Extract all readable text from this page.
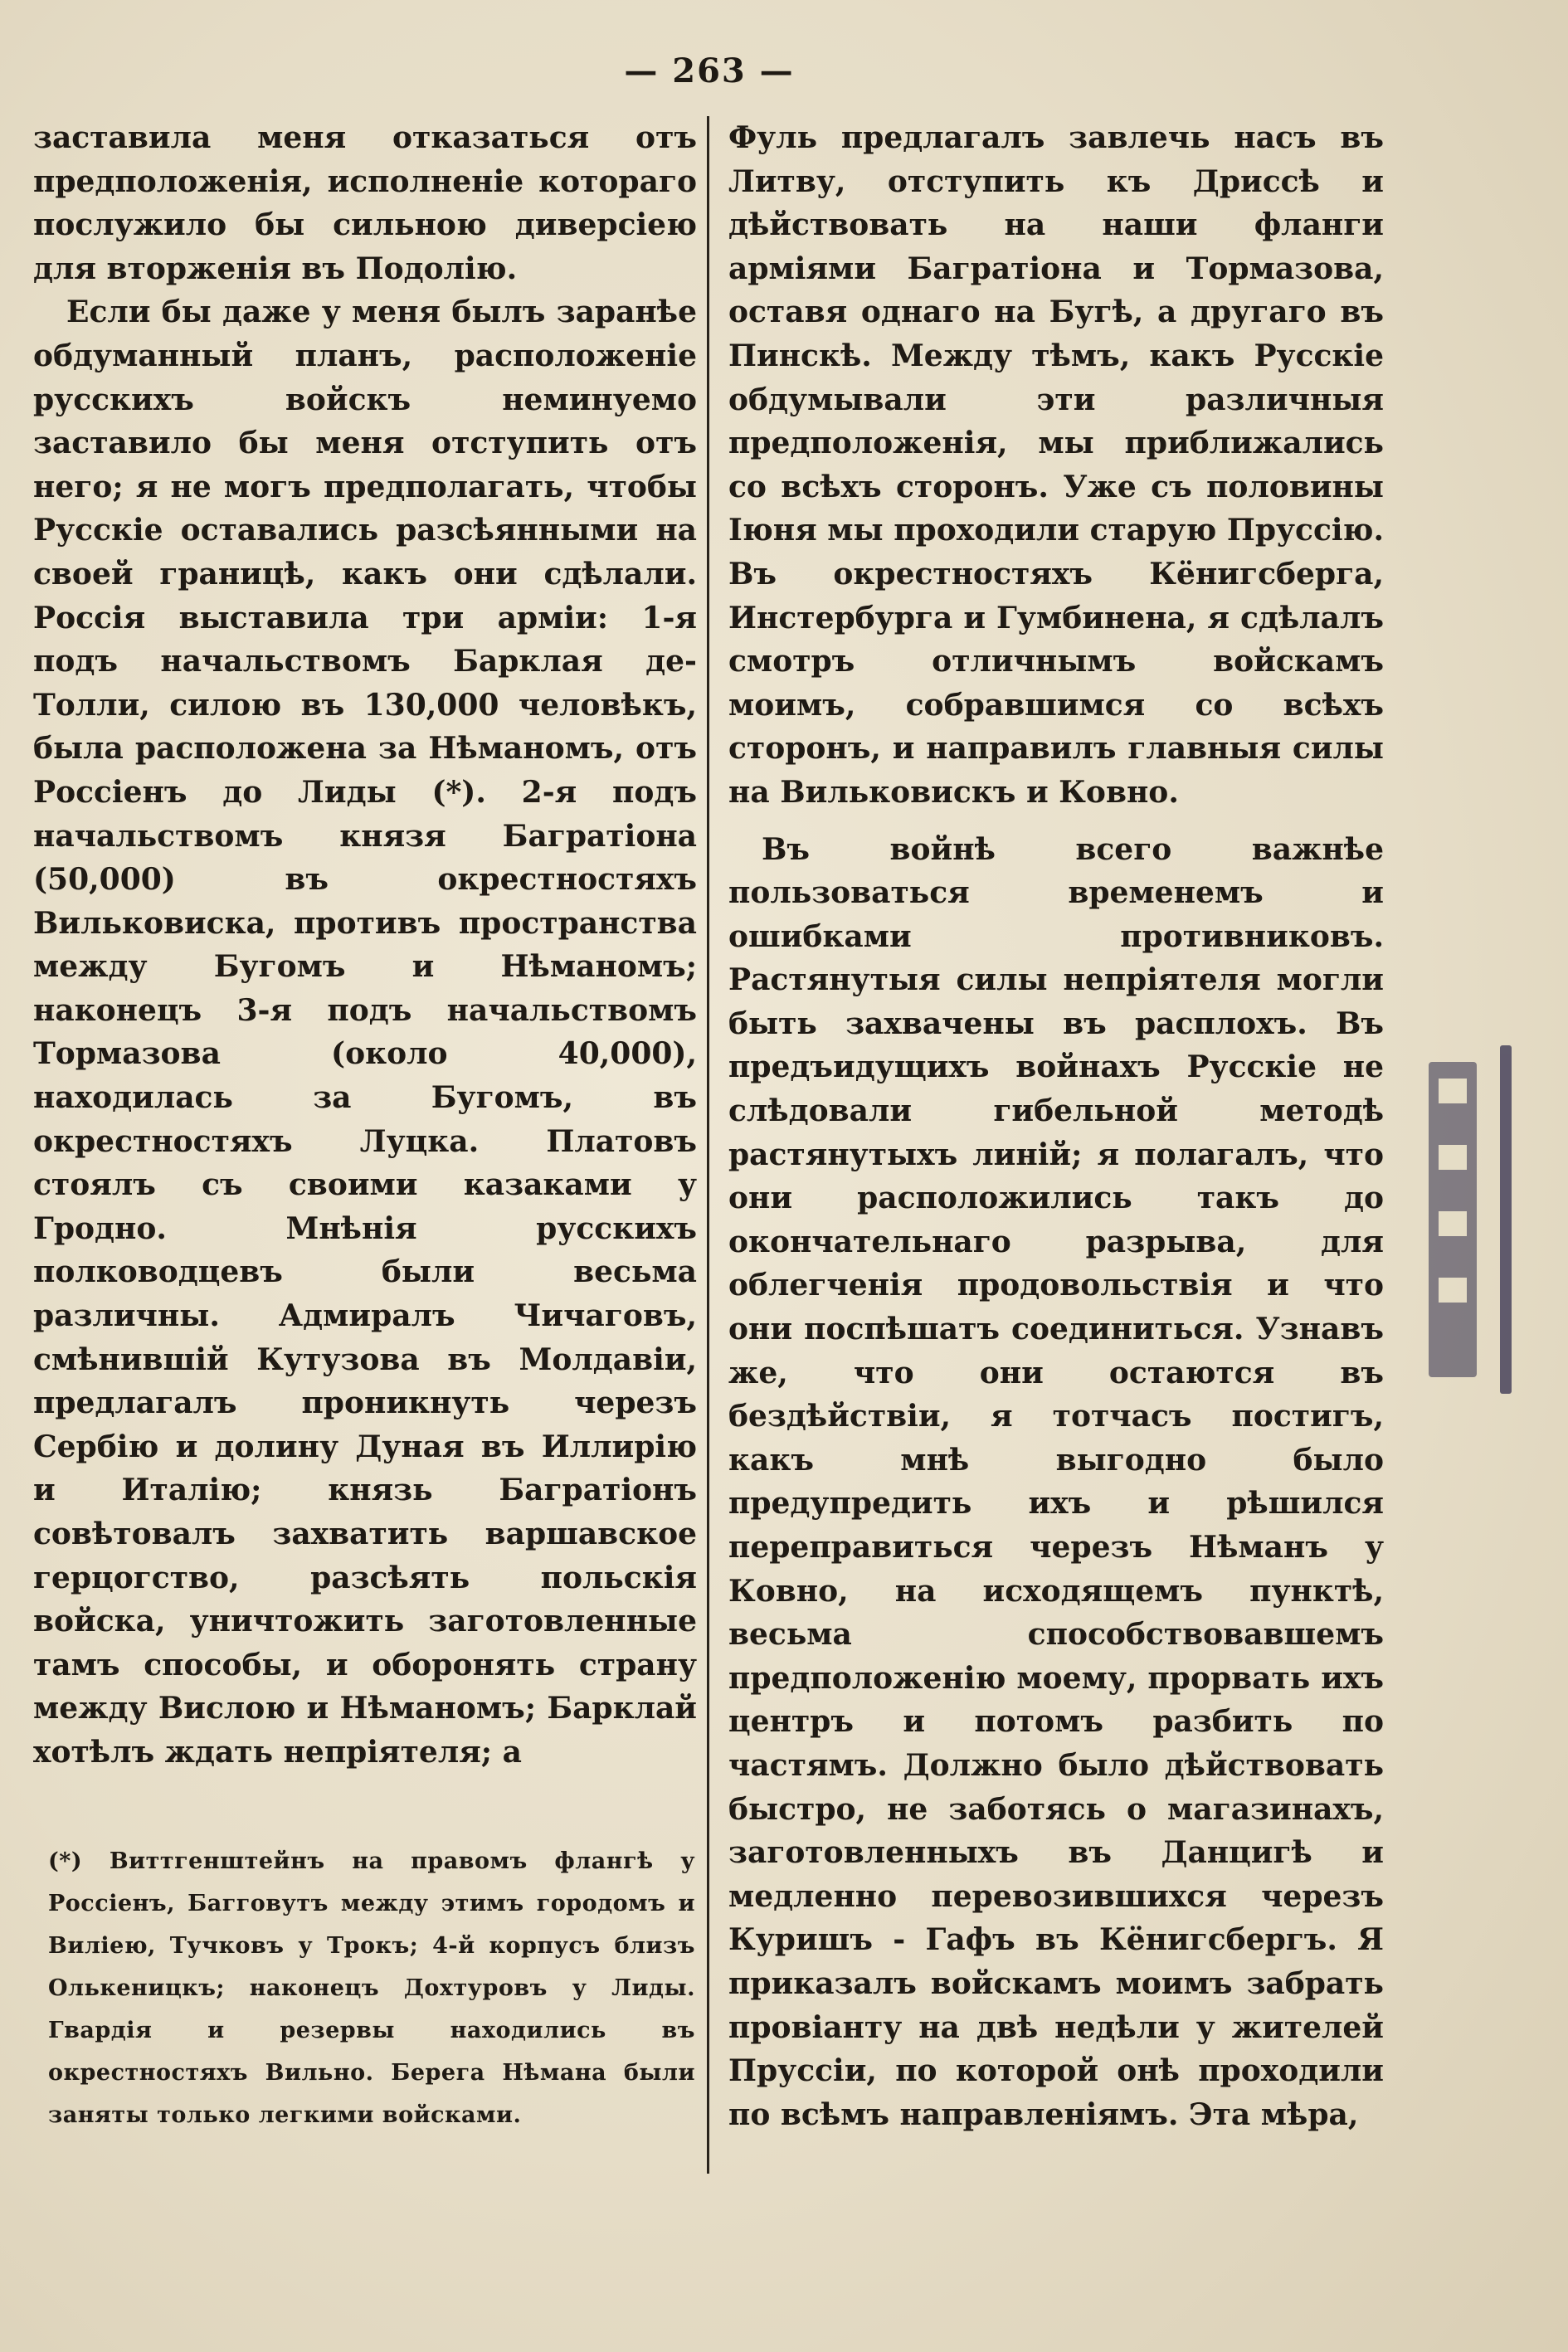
— 263 —

заставила меня отказаться отъ предположенія, исполненіе котораго послужило бы сильною диверсіею для вторженія въ Подолію.

Если бы даже у меня былъ заранѣе обдуманный планъ, расположеніе русскихъ войскъ неминуемо заставило бы меня отступить отъ него; я не могъ предполагать, чтобы Русскіе оставались разсѣянными на своей границѣ, какъ они сдѣлали. Россія выставила три арміи: 1-я подъ начальствомъ Барклая де-Толли, силою въ 130,000 человѣкъ, была расположена за Нѣманомъ, отъ Россіенъ до Лиды (*). 2-я подъ начальствомъ князя Багратіона (50,000) въ окрестностяхъ Вильковиска, противъ пространства между Бугомъ и Нѣманомъ; наконецъ 3-я подъ начальствомъ Тормазова (около 40,000), находилась за Бугомъ, въ окрестностяхъ Луцка. Платовъ стоялъ съ своими казаками у Гродно. Мнѣнія русскихъ полководцевъ были весьма различны. Адмиралъ Чичаговъ, смѣнившій Кутузова въ Молдавіи, предлагалъ проникнуть черезъ Сербію и долину Дуная въ Иллирію и Италію; князь Багратіонъ совѣтовалъ захватить варшавское герцогство, разсѣять польскія войска, уничтожить заготовленные тамъ способы, и оборонять страну между Вислою и Нѣманомъ; Барклай хотѣлъ ждать непріятеля; а

Фуль предлагалъ завлечь насъ въ Литву, отступить къ Дриссѣ и дѣйствовать на наши фланги арміями Багратіона и Тормазова, оставя однаго на Бугѣ, а другаго въ Пинскѣ. Между тѣмъ, какъ Русскіе обдумывали эти различныя предположенія, мы приближались со всѣхъ сторонъ. Уже съ половины Іюня мы проходили старую Пруссію. Въ окрестностяхъ Кёнигсберга, Инстербурга и Гумбинена, я сдѣлалъ смотръ отличнымъ войскамъ моимъ, собравшимся со всѣхъ сторонъ, и направилъ главныя силы на Вильковискъ и Ковно.

Въ войнѣ всего важнѣе пользоваться временемъ и ошибками противниковъ. Растянутыя силы непріятеля могли быть захвачены въ расплохъ. Въ предъидущихъ войнахъ Русскіе не слѣдовали гибельной методѣ растянутыхъ линій; я полагалъ, что они расположились такъ до окончательнаго разрыва, для облегченія продовольствія и что они поспѣшатъ соединиться. Узнавъ же, что они остаются въ бездѣйствіи, я тотчасъ постигъ, какъ мнѣ выгодно было предупредить ихъ и рѣшился переправиться черезъ Нѣманъ у Ковно, на исходящемъ пунктѣ, весьма способствовавшемъ предположенію моему, прорвать ихъ центръ и потомъ разбить по частямъ. Должно было дѣйствовать быстро, не заботясь о магазинахъ, заготовленныхъ въ Данцигѣ и медленно перевозившихся черезъ Куришъ - Гафъ въ Кёнигсбергъ. Я приказалъ войскамъ моимъ забрать провіанту на двѣ недѣли у жителей Пруссіи, по которой онѣ проходили по всѣмъ направленіямъ. Эта мѣра,

(*) Виттгенштейнъ на правомъ флангѣ у Россіенъ, Багговутъ между этимъ городомъ и Виліею, Тучковъ у Трокъ; 4-й корпусъ близъ Олькеницкъ; наконецъ Дохтуровъ у Лиды. Гвардія и резервы находились въ окрестностяхъ Вильно. Берега Нѣмана были заняты только легкими войсками.
